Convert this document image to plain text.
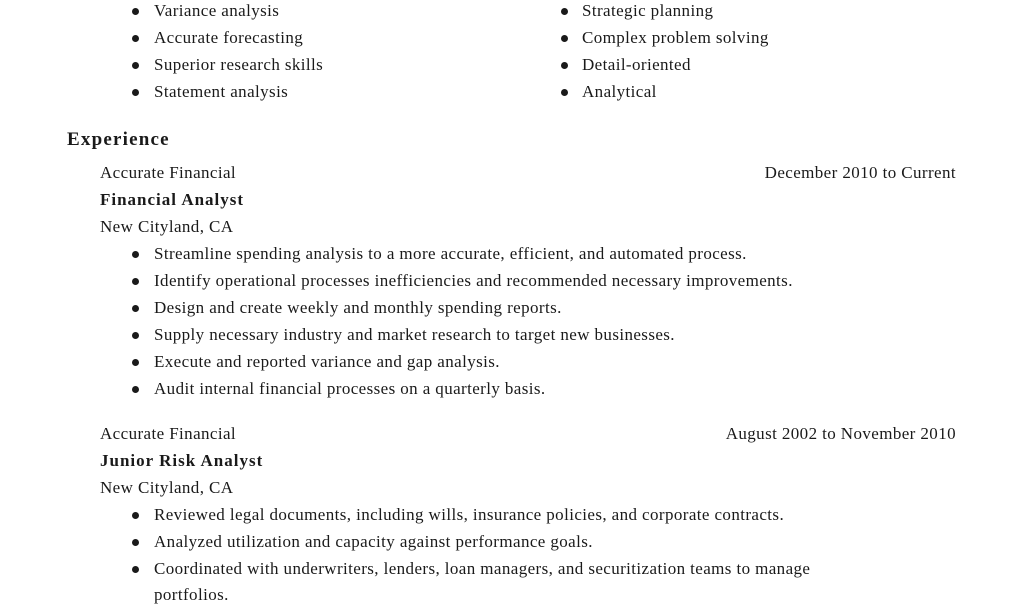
Variance analysis
Accurate forecasting
Superior research skills
Statement analysis
Strategic planning
Complex problem solving
Detail-oriented
Analytical
Experience
Accurate Financial	December 2010 to Current
Financial Analyst
New Cityland, CA
Streamline spending analysis to a more accurate, efficient, and automated process.
Identify operational processes inefficiencies and recommended necessary improvements.
Design and create weekly and monthly spending reports.
Supply necessary industry and market research to target new businesses.
Execute and reported variance and gap analysis.
Audit internal financial processes on a quarterly basis.
Accurate Financial	August 2002 to November 2010
Junior Risk Analyst
New Cityland, CA
Reviewed legal documents, including wills, insurance policies, and corporate contracts.
Analyzed utilization and capacity against performance goals.
Coordinated with underwriters, lenders, loan managers, and securitization teams to manage
portfolios.
